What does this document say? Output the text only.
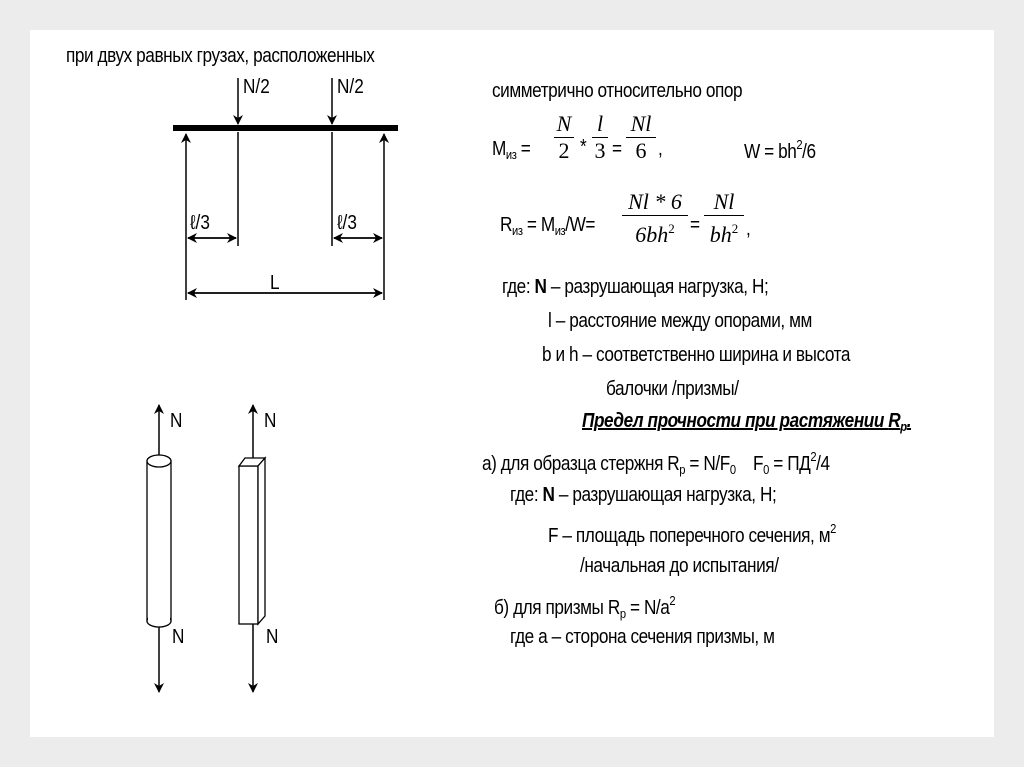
N/2	N/2
ℓ/3	ℓ/3
L
N
N
N
N
при двух равных грузах, расположенных
симметрично относительно опор
$М_{из}$ =
N
2 *
l
3 =
Nl
6 ,	$W = bh^2/6$
$R_{из} = М_{из}/W=$
Nl * 6
$6bh^2$ =
Nl
$bh^2$ ,
где: N – разрушающая нагрузка, Н;
l – расстояние между опорами, мм
b и h – соответственно ширина и высота
балочки /призмы/
Предел прочности при растяжении $R_р$.
а) для образца стержня $R_р = N/F_0$    $F_0 = ПД^2/4$
где: N – разрушающая нагрузка, Н;
F – площадь поперечного сечения, $м^2$
/начальная до испытания/
б) для призмы $R_р = N/a^2$
где а – сторона сечения призмы, м
